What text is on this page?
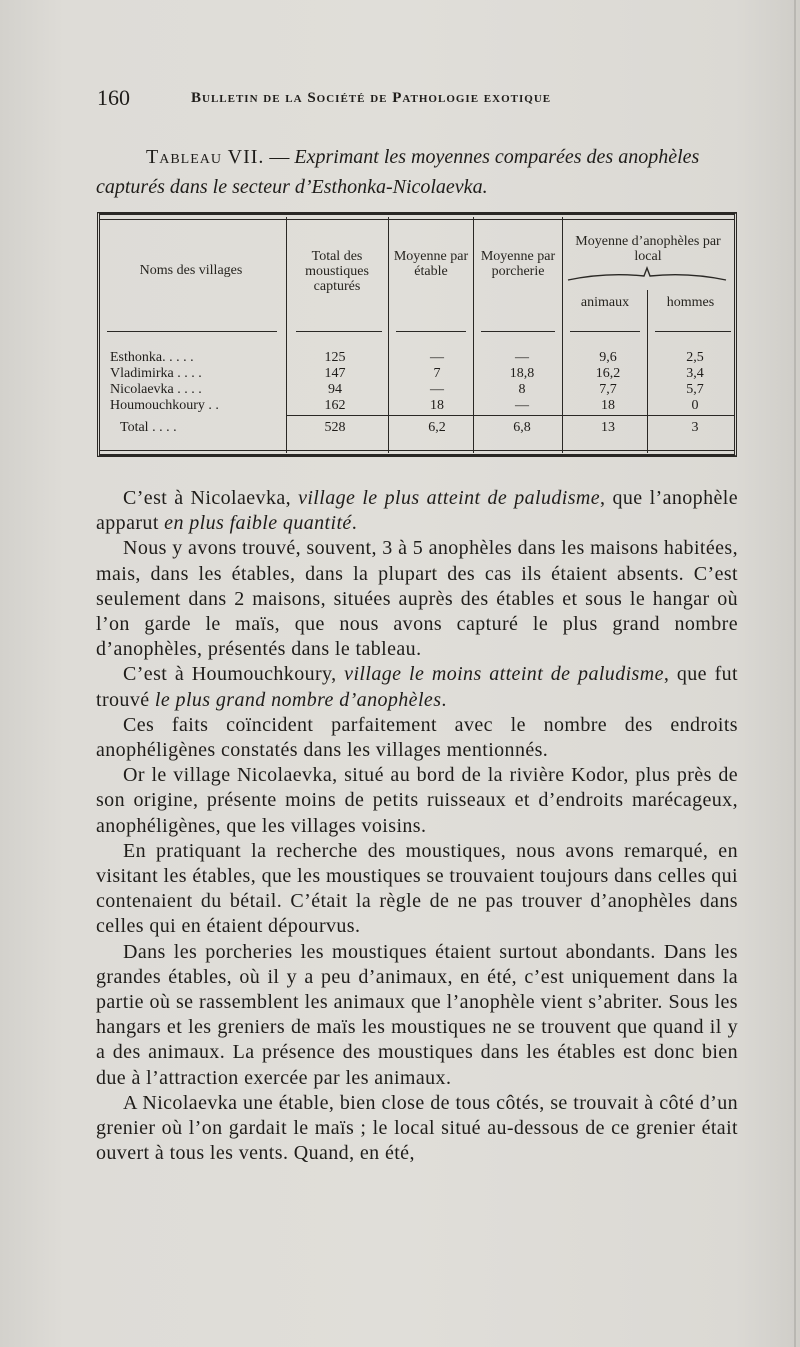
160	Bulletin de la Société de Pathologie exotique
Tableau VII. — Exprimant les moyennes comparées des anophèles capturés dans le secteur d’Esthonka-Nicolaevka.
Noms des villages
Total des moustiques capturés
Moyenne par étable
Moyenne par porcherie
Moyenne d’anophèles par local
animaux	hommes
Esthonka. . . . .	125	—	—	9,6	2,5
Vladimirka . . . .	147	7	18,8	16,2	3,4
Nicolaevka . . . .	94	—	8	7,7	5,7
Houmouchkoury . .	162	18	—	18	0
Total . . . .	528	6,2	6,8	13	3

C’est à Nicolaevka, village le plus atteint de paludisme, que l’anophèle apparut en plus faible quantité.

Nous y avons trouvé, souvent, 3 à 5 anophèles dans les maisons habitées, mais, dans les étables, dans la plupart des cas ils étaient absents. C’est seulement dans 2 maisons, situées auprès des étables et sous le hangar où l’on garde le maïs, que nous avons capturé le plus grand nombre d’anophèles, présentés dans le tableau.

C’est à Houmouchkoury, village le moins atteint de paludisme, que fut trouvé le plus grand nombre d’anophèles.

Ces faits coïncident parfaitement avec le nombre des endroits anophéligènes constatés dans les villages mentionnés.

Or le village Nicolaevka, situé au bord de la rivière Kodor, plus près de son origine, présente moins de petits ruisseaux et d’endroits marécageux, anophéligènes, que les villages voisins.

En pratiquant la recherche des moustiques, nous avons remarqué, en visitant les étables, que les moustiques se trouvaient toujours dans celles qui contenaient du bétail. C’était la règle de ne pas trouver d’anophèles dans celles qui en étaient dépourvus.

Dans les porcheries les moustiques étaient surtout abondants. Dans les grandes étables, où il y a peu d’animaux, en été, c’est uniquement dans la partie où se rassemblent les animaux que l’anophèle vient s’abriter. Sous les hangars et les greniers de maïs les moustiques ne se trouvent que quand il y a des animaux. La présence des moustiques dans les étables est donc bien due à l’attraction exercée par les animaux.

A Nicolaevka une étable, bien close de tous côtés, se trouvait à côté d’un grenier où l’on gardait le maïs ; le local situé au-dessous de ce grenier était ouvert à tous les vents. Quand, en été,
